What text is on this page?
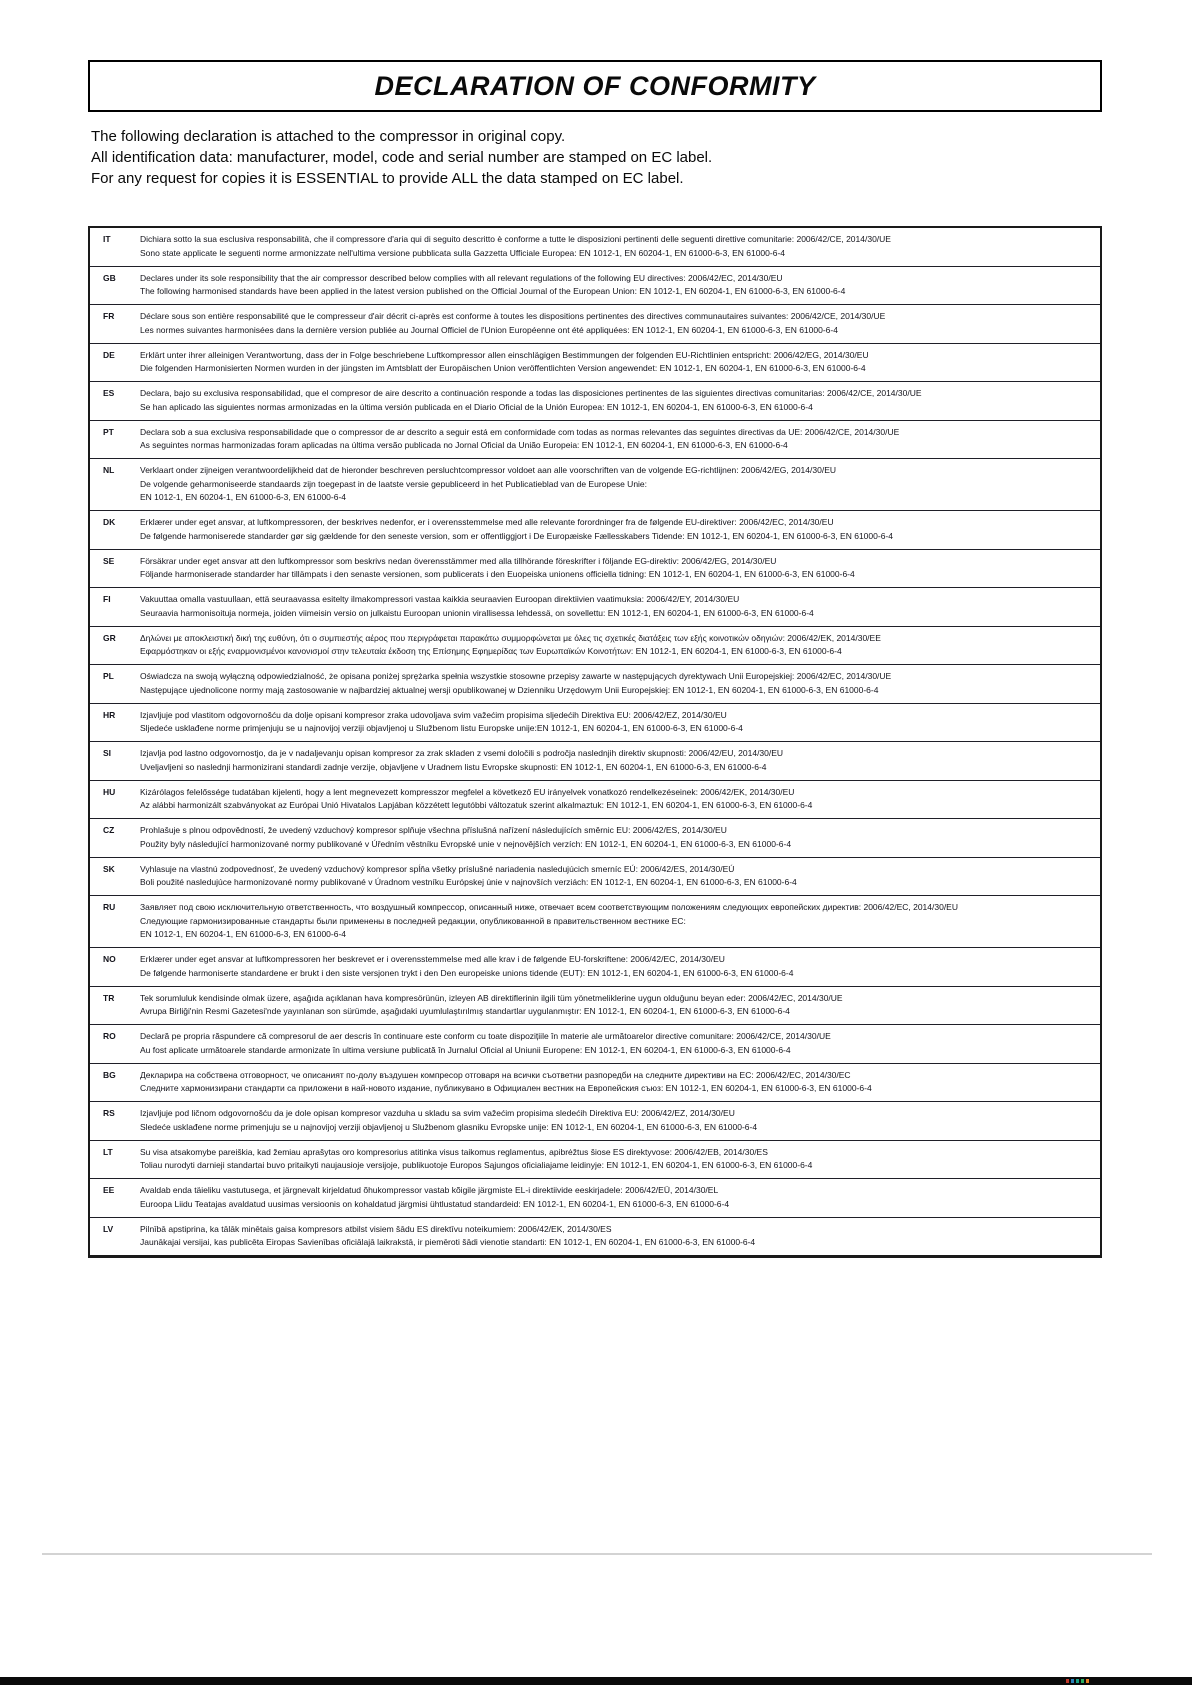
DECLARATION OF CONFORMITY
The following declaration is attached to the compressor in original copy.
All identification data: manufacturer, model, code and serial number are stamped on EC label.
For any request for copies it is ESSENTIAL to provide ALL the data stamped on EC label.
IT	Dichiara sotto la sua esclusiva responsabilità, che il compressore d'aria qui di seguito descritto è conforme a tutte le disposizioni pertinenti delle seguenti direttive comunitarie: 2006/42/CE, 2014/30/UE

Sono state applicate le seguenti norme armonizzate nell'ultima versione pubblicata sulla Gazzetta Ufficiale Europea: EN 1012-1, EN 60204-1, EN 61000-6-3, EN 61000-6-4

GB	Declares under its sole responsibility that the air compressor described below complies with all relevant regulations of the following EU directives: 2006/42/EC, 2014/30/EU

The following harmonised standards have been applied in the latest version published on the Official Journal of the European Union: EN 1012-1, EN 60204-1, EN 61000-6-3, EN 61000-6-4

FR	Déclare sous son entière responsabilité que le compresseur d'air décrit ci-après est conforme à toutes les dispositions pertinentes des directives communautaires suivantes: 2006/42/CE, 2014/30/UE

Les normes suivantes harmonisées dans la dernière version publiée au Journal Officiel de l'Union Européenne ont été appliquées: EN 1012-1, EN 60204-1, EN 61000-6-3, EN 61000-6-4

DE	Erklärt unter ihrer alleinigen Verantwortung, dass der in Folge beschriebene Luftkompressor allen einschlägigen Bestimmungen der folgenden EU-Richtlinien entspricht: 2006/42/EG, 2014/30/EU

Die folgenden Harmonisierten Normen wurden in der jüngsten im Amtsblatt der Europäischen Union veröffentlichten Version angewendet: EN 1012-1, EN 60204-1, EN 61000-6-3, EN 61000-6-4

ES	Declara, bajo su exclusiva responsabilidad, que el compresor de aire descrito a continuación responde a todas las disposiciones pertinentes de las siguientes directivas comunitarias: 2006/42/CE, 2014/30/UE

Se han aplicado las siguientes normas armonizadas en la última versión publicada en el Diario Oficial de la Unión Europea: EN 1012-1, EN 60204-1, EN 61000-6-3, EN 61000-6-4

PT	Declara sob a sua exclusiva responsabilidade que o compressor de ar descrito a seguir está em conformidade com todas as normas relevantes das seguintes directivas da UE: 2006/42/CE, 2014/30/UE

As seguintes normas harmonizadas foram aplicadas na última versão publicada no Jornal Oficial da União Europeia: EN 1012-1, EN 60204-1, EN 61000-6-3, EN 61000-6-4

NL	Verklaart onder zijneigen verantwoordelijkheid dat de hieronder beschreven persluchtcompressor voldoet aan alle voorschriften van de volgende EG-richtlijnen: 2006/42/EG, 2014/30/EU

De volgende geharmoniseerde standaards zijn toegepast in de laatste versie gepubliceerd in het Publicatieblad van de Europese Unie:

EN 1012-1, EN 60204-1, EN 61000-6-3, EN 61000-6-4

DK	Erklærer under eget ansvar, at luftkompressoren, der beskrives nedenfor, er i overensstemmelse med alle relevante forordninger fra de følgende EU-direktiver: 2006/42/EC, 2014/30/EU

De følgende harmoniserede standarder gør sig gældende for den seneste version, som er offentliggjort i De Europæiske Fællesskabers Tidende: EN 1012-1, EN 60204-1, EN 61000-6-3, EN 61000-6-4

SE	Försäkrar under eget ansvar att den luftkompressor som beskrivs nedan överensstämmer med alla tillhörande föreskrifter i följande EG-direktiv: 2006/42/EG, 2014/30/EU

Följande harmoniserade standarder har tillämpats i den senaste versionen, som publicerats i den Euopeiska unionens officiella tidning: EN 1012-1, EN 60204-1, EN 61000-6-3, EN 61000-6-4

FI	Vakuuttaa omalla vastuullaan, että seuraavassa esitelty ilmakompressori vastaa kaikkia seuraavien Euroopan direktiivien vaatimuksia: 2006/42/EY, 2014/30/EU

Seuraavia harmonisoituja normeja, joiden viimeisin versio on julkaistu Euroopan unionin virallisessa lehdessä, on sovellettu: EN 1012-1, EN 60204-1, EN 61000-6-3, EN 61000-6-4

GR	Δηλώνει με αποκλειστική δική της ευθύνη, ότι ο συμπιεστής αέρος που περιγράφεται παρακάτω συμμορφώνεται με όλες τις σχετικές διατάξεις των εξής κοινοτικών οδηγιών: 2006/42/ΕΚ, 2014/30/ΕΕ

Εφαρμόστηκαν οι εξής εναρμονισμένοι κανονισμοί στην τελευταία έκδοση της Επίσημης Εφημερίδας των Ευρωπαϊκών Κοινοτήτων: EN 1012-1, EN 60204-1, EN 61000-6-3, EN 61000-6-4

PL	Oświadcza na swoją wyłączną odpowiedzialność, że opisana poniżej sprężarka spełnia wszystkie stosowne przepisy zawarte w następujących dyrektywach Unii Europejskiej: 2006/42/EC, 2014/30/UE

Następujące ujednolicone normy mają zastosowanie w najbardziej aktualnej wersji opublikowanej w Dzienniku Urzędowym Unii Europejskiej: EN 1012-1, EN 60204-1, EN 61000-6-3, EN 61000-6-4

HR	Izjavljuje pod vlastitom odgovornošću da dolje opisani kompresor zraka udovoljava svim važećim propisima sljedećih Direktiva EU: 2006/42/EZ, 2014/30/EU

Sljedeće usklađene norme primjenjuju se u najnovijoj verziji objavljenoj u Službenom listu Europske unije:EN 1012-1, EN 60204-1, EN 61000-6-3, EN 61000-6-4

SI	Izjavlja pod lastno odgovornostjo, da je v nadaljevanju opisan kompresor za zrak skladen z vsemi določili s področja naslednjih direktiv skupnosti: 2006/42/EU, 2014/30/EU

Uveljavljeni so naslednji harmonizirani standardi zadnje verzije, objavljene v Uradnem listu Evropske skupnosti: EN 1012-1, EN 60204-1, EN 61000-6-3, EN 61000-6-4

HU	Kizárólagos felelőssége tudatában kijelenti, hogy a lent megnevezett kompresszor megfelel a következő EU irányelvek vonatkozó rendelkezéseinek: 2006/42/EK, 2014/30/EU

Az alábbi harmonizált szabványokat az Európai Unió Hivatalos Lapjában közzétett legutóbbi változatuk szerint alkalmaztuk: EN 1012-1, EN 60204-1, EN 61000-6-3, EN 61000-6-4

CZ	Prohlašuje s plnou odpovědností, že uvedený vzduchový kompresor splňuje všechna příslušná nařízení následujících směrnic EU: 2006/42/ES, 2014/30/EU

Použity byly následující harmonizované normy publikované v Úředním věstníku Evropské unie v nejnovějších verzích: EN 1012-1, EN 60204-1, EN 61000-6-3, EN 61000-6-4

SK	Vyhlasuje na vlastnú zodpovednosť, že uvedený vzduchový kompresor spĺňa všetky príslušné nariadenia nasledujúcich smerníc EÚ: 2006/42/ES, 2014/30/EÚ

Boli použité nasledujúce harmonizované normy publikované v Úradnom vestníku Európskej únie v najnovších verziách: EN 1012-1, EN 60204-1, EN 61000-6-3, EN 61000-6-4

RU	Заявляет под свою исключительную ответственность, что воздушный компрессор, описанный ниже, отвечает всем соответствующим положениям следующих европейских директив: 2006/42/EC, 2014/30/EU

Следующие гармонизированные стандарты были применены в последней редакции, опубликованной в правительственном вестнике ЕС:

EN 1012-1, EN 60204-1, EN 61000-6-3, EN 61000-6-4

NO	Erklærer under eget ansvar at luftkompressoren her beskrevet er i overensstemmelse med alle krav i de følgende EU-forskriftene: 2006/42/EC, 2014/30/EU

De følgende harmoniserte standardene er brukt i den siste versjonen trykt i den Den europeiske unions tidende (EUT): EN 1012-1, EN 60204-1, EN 61000-6-3, EN 61000-6-4

TR	Tek sorumluluk kendisinde olmak üzere, aşağıda açıklanan hava kompresörünün, izleyen AB direktiflerinin ilgili tüm yönetmeliklerine uygun olduğunu beyan eder: 2006/42/EC, 2014/30/UE

Avrupa Birliği'nin Resmi Gazetesi'nde yayınlanan son sürümde, aşağıdaki uyumlulaştırılmış standartlar uygulanmıştır: EN 1012-1, EN 60204-1, EN 61000-6-3, EN 61000-6-4

RO	Declară pe propria răspundere că compresorul de aer descris în continuare este conform cu toate dispozițiile în materie ale următoarelor directive comunitare: 2006/42/CE, 2014/30/UE

Au fost aplicate următoarele standarde armonizate în ultima versiune publicată în Jurnalul Oficial al Uniunii Europene: EN 1012-1, EN 60204-1, EN 61000-6-3, EN 61000-6-4

BG	Декларира на собствена отговорност, че описаният по-долу въздушен компресор отговаря на всички съответни разпоредби на следните директиви на ЕС: 2006/42/EC, 2014/30/EC

Следните хармонизирани стандарти са приложени в най-новото издание, публикувано в Официален вестник на Европейския съюз: EN 1012-1, EN 60204-1, EN 61000-6-3, EN 61000-6-4

RS	Izjavljuje pod ličnom odgovornošću da je dole opisan kompresor vazduha u skladu sa svim važećim propisima sledećih Direktiva EU: 2006/42/EZ, 2014/30/EU

Sledeće usklađene norme primenjuju se u najnovijoj verziji objavljenoj u Službenom glasniku Evropske unije: EN 1012-1, EN 60204-1, EN 61000-6-3, EN 61000-6-4

LT	Su visa atsakomybe pareiškia, kad žemiau aprašytas oro kompresorius atitinka visus taikomus reglamentus, apibrėžtus šiose ES direktyvose: 2006/42/EB, 2014/30/ES

Toliau nurodyti darnieji standartai buvo pritaikyti naujausioje versijoje, publikuotoje Europos Sąjungos oficialiajame leidinyje: EN 1012-1, EN 60204-1, EN 61000-6-3, EN 61000-6-4

EE	Avaldab enda täieliku vastutusega, et järgnevalt kirjeldatud õhukompressor vastab kõigile järgmiste EL-i direktiivide eeskirjadele: 2006/42/EÜ, 2014/30/EL

Euroopa Liidu Teatajas avaldatud uusimas versioonis on kohaldatud järgmisi ühtlustatud standardeid: EN 1012-1, EN 60204-1, EN 61000-6-3, EN 61000-6-4

LV	Pilnībā apstiprina, ka tālāk minētais gaisa kompresors atbilst visiem šādu ES direktīvu noteikumiem: 2006/42/EK, 2014/30/ES

Jaunākajai versijai, kas publicēta Eiropas Savienības oficiālajā laikrakstā, ir piemēroti šādi vienotie standarti: EN 1012-1, EN 60204-1, EN 61000-6-3, EN 61000-6-4
